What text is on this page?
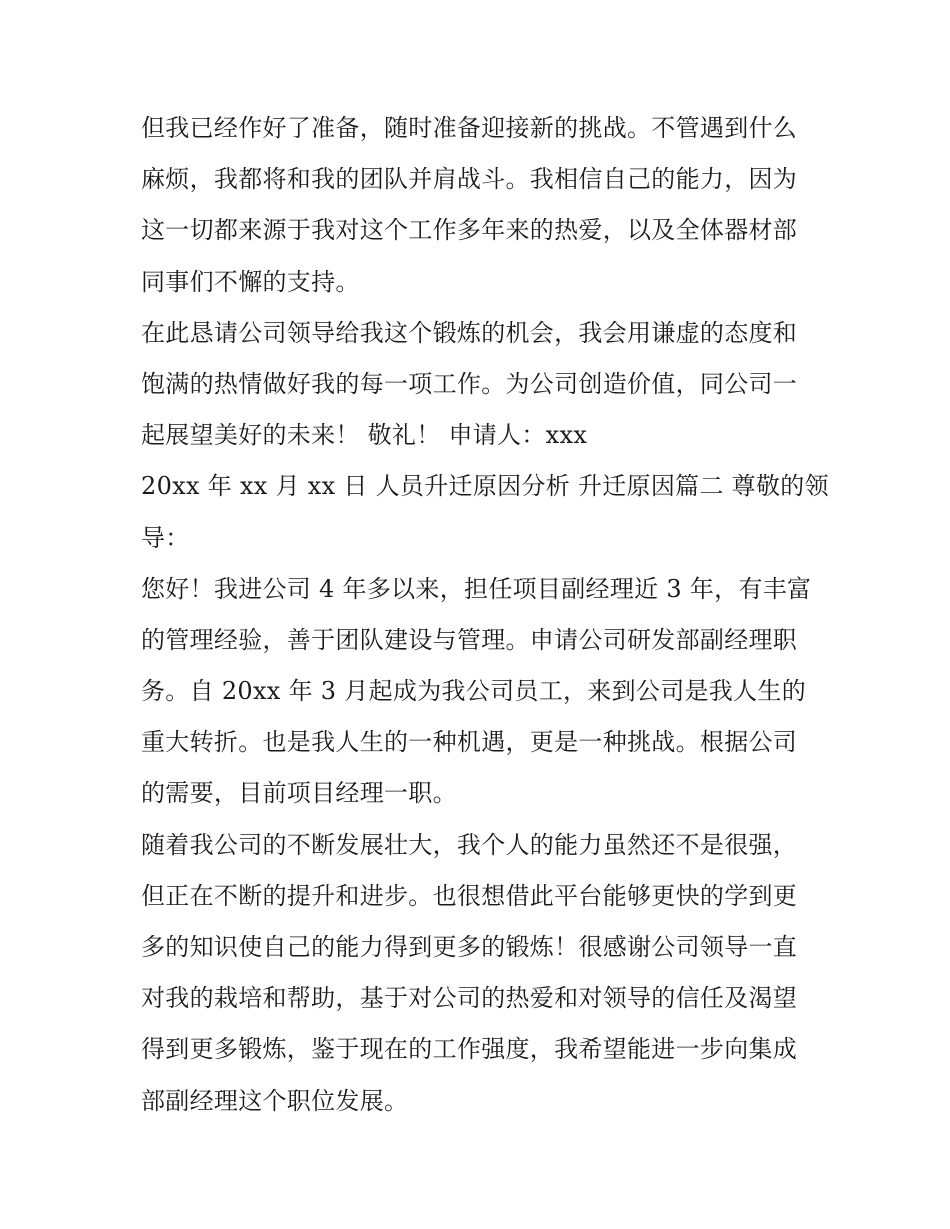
但我已经作好了准备，随时准备迎接新的挑战。不管遇到什么
麻烦，我都将和我的团队并肩战斗。我相信自己的能力，因为
这一切都来源于我对这个工作多年来的热爱，以及全体器材部
同事们不懈的支持。
在此恳请公司领导给我这个锻炼的机会，我会用谦虚的态度和
饱满的热情做好我的每一项工作。为公司创造价值，同公司一
起展望美好的未来！ 敬礼！ 申请人：xxx
20xx 年 xx 月 xx 日 人员升迁原因分析 升迁原因篇二 尊敬的领
导：
您好！我进公司 4 年多以来，担任项目副经理近 3 年，有丰富
的管理经验，善于团队建设与管理。申请公司研发部副经理职
务。自 20xx 年 3 月起成为我公司员工，来到公司是我人生的
重大转折。也是我人生的一种机遇，更是一种挑战。根据公司
的需要，目前项目经理一职。
随着我公司的不断发展壮大，我个人的能力虽然还不是很强，
但正在不断的提升和进步。也很想借此平台能够更快的学到更
多的知识使自己的能力得到更多的锻炼！很感谢公司领导一直
对我的栽培和帮助，基于对公司的热爱和对领导的信任及渴望
得到更多锻炼，鉴于现在的工作强度，我希望能进一步向集成
部副经理这个职位发展。
